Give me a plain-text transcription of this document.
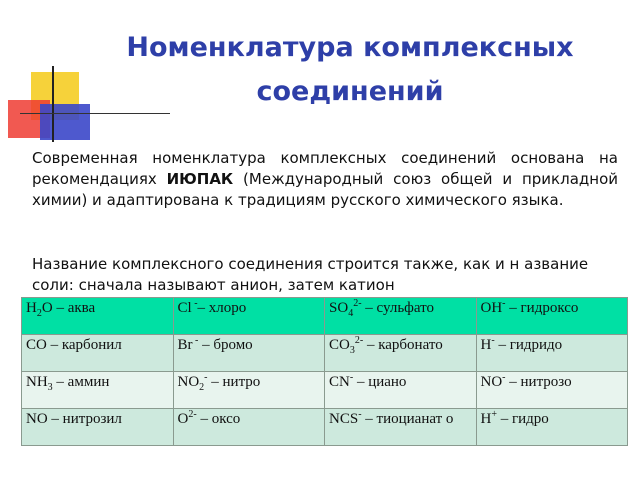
Номенклатура комплексных
соединений
Современная номенклатура комплексных соединений основана на рекомендациях ИЮПАК (Международный союз общей и прикладной химии) и адаптирована к традициям русского химического языка.
Название комплексного соединения строится также, как и н азвание соли: сначала называют анион, затем катион
$H_2O$ – аква	Cl -– хлоро	$SO_4^{2-}$ – сульфато	OH- – гидроксо
CO – карбонил	Br - – бромо	$CO_3^{2-}$ – карбонато	H- – гидридо
$NH_3$ – аммин	$NO_2^-$ – нитро	CN- – циано	NO- – нитрозо
NO – нитрозил	$O^{2-}$ – оксо	NCS- – тиоцианат о	H+ – гидро
